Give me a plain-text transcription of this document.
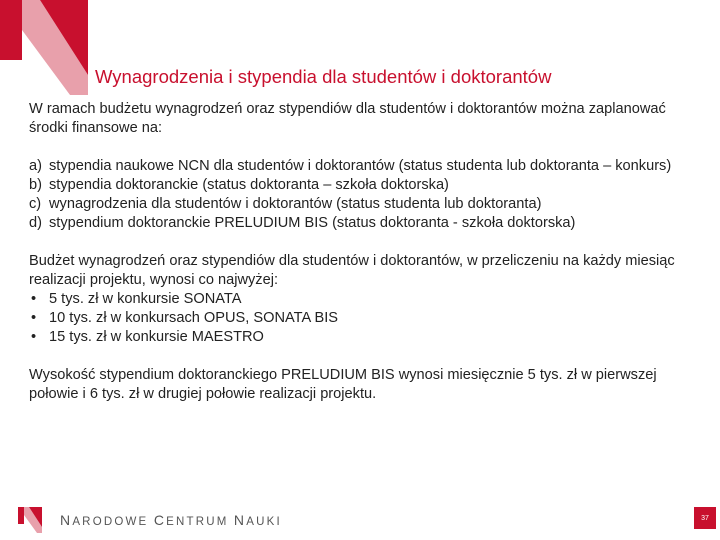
Wynagrodzenia i stypendia dla studentów i doktorantów

W ramach budżetu wynagrodzeń oraz stypendiów dla studentów i doktorantów można zaplanować środki finansowe na:

a) stypendia naukowe NCN dla studentów i doktorantów (status studenta lub doktoranta – konkurs)
b) stypendia doktoranckie (status doktoranta – szkoła doktorska)
c) wynagrodzenia dla studentów i doktorantów (status studenta lub doktoranta)
d) stypendium doktoranckie PRELUDIUM BIS (status doktoranta - szkoła doktorska)

Budżet wynagrodzeń oraz stypendiów dla studentów i doktorantów, w przeliczeniu na każdy miesiąc realizacji projektu, wynosi co najwyżej:

• 5 tys. zł w konkursie SONATA
• 10 tys. zł w konkursach OPUS, SONATA BIS
• 15 tys. zł w konkursie MAESTRO

Wysokość stypendium doktoranckiego PRELUDIUM BIS wynosi miesięcznie 5 tys. zł w pierwszej połowie i 6 tys. zł w drugiej połowie realizacji projektu.

NARODOWE CENTRUM NAUKI	37
